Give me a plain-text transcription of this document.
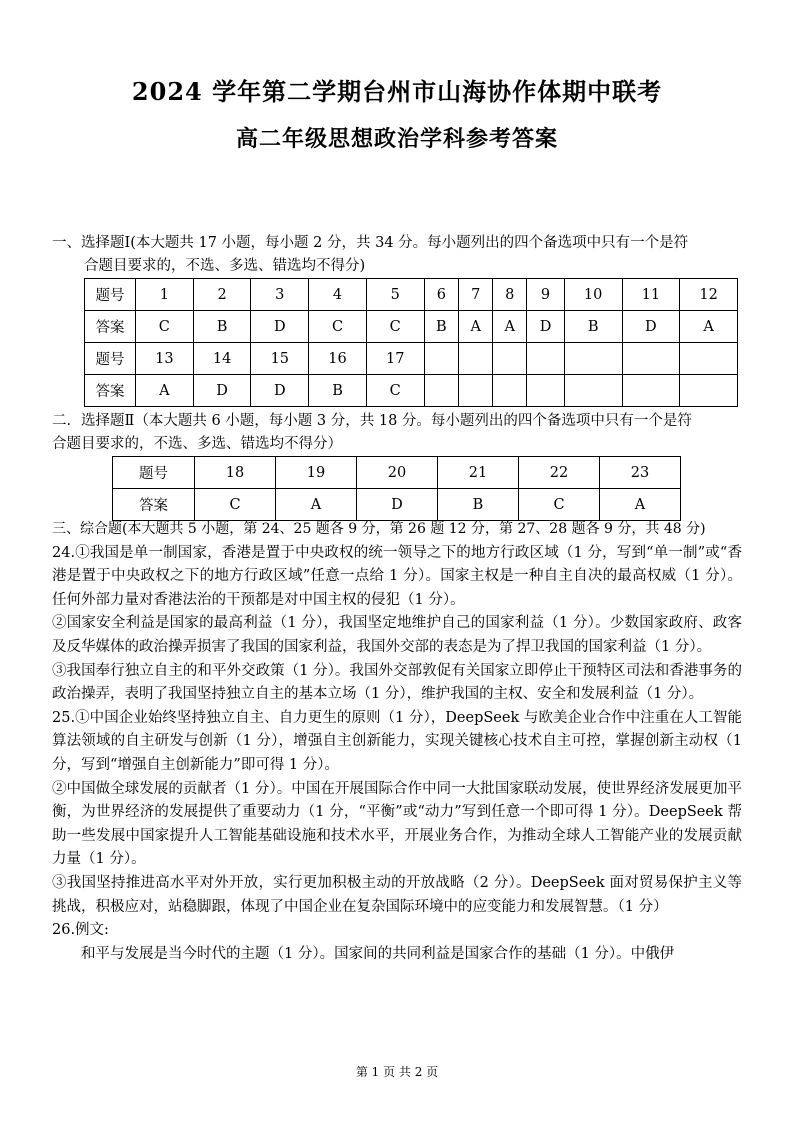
2024 学年第二学期台州市山海协作体期中联考
高二年级思想政治学科参考答案
一、选择题Ⅰ(本大题共 17 小题，每小题 2 分，共 34 分。每小题列出的四个备选项中只有一个是符
合题目要求的，不选、多选、错选均不得分)
题号	1	2	3	4	5	6	7	8	9	10	11	12
答案	C	B	D	C	C	B	A	A	D	B	D	A
题号	13	14	15	16	17							
答案	A	D	D	B	C							
二．选择题Ⅱ（本大题共 6 小题，每小题 3 分，共 18 分。每小题列出的四个备选项中只有一个是符
合题目要求的，不选、多选、错选均不得分）
题号	18	19	20	21	22	23
答案	C	A	D	B	C	A

三、综合题(本大题共 5 小题，第 24、25 题各 9 分，第 26 题 12 分，第 27、28 题各 9 分，共 48 分)

24.①我国是单一制国家，香港是置于中央政权的统一领导之下的地方行政区域（1 分，写到“单一制”或“香港是置于中央政权之下的地方行政区域”任意一点给 1 分）。国家主权是一种自主自决的最高权威（1 分）。任何外部力量对香港法治的干预都是对中国主权的侵犯（1 分）。

②国家安全利益是国家的最高利益（1 分），我国坚定地维护自己的国家利益（1 分）。少数国家政府、政客及反华媒体的政治操弄损害了我国的国家利益，我国外交部的表态是为了捍卫我国的国家利益（1 分）。

③我国奉行独立自主的和平外交政策（1 分）。我国外交部敦促有关国家立即停止干预特区司法和香港事务的政治操弄，表明了我国坚持独立自主的基本立场（1 分），维护我国的主权、安全和发展利益（1 分）。

25.①中国企业始终坚持独立自主、自力更生的原则（1 分），DeepSeek 与欧美企业合作中注重在人工智能算法领域的自主研发与创新（1 分），增强自主创新能力，实现关键核心技术自主可控，掌握创新主动权（1 分，写到“增强自主创新能力”即可得 1 分）。

②中国做全球发展的贡献者（1 分）。中国在开展国际合作中同一大批国家联动发展，使世界经济发展更加平衡，为世界经济的发展提供了重要动力（1 分，“平衡”或“动力”写到任意一个即可得 1 分）。DeepSeek 帮助一些发展中国家提升人工智能基础设施和技术水平，开展业务合作，为推动全球人工智能产业的发展贡献力量（1 分）。

③我国坚持推进高水平对外开放，实行更加积极主动的开放战略（2 分）。DeepSeek 面对贸易保护主义等挑战，积极应对，站稳脚跟，体现了中国企业在复杂国际环境中的应变能力和发展智慧。（1 分）

26.例文:

和平与发展是当今时代的主题（1 分）。国家间的共同利益是国家合作的基础（1 分）。中俄伊

第 1 页 共 2 页
